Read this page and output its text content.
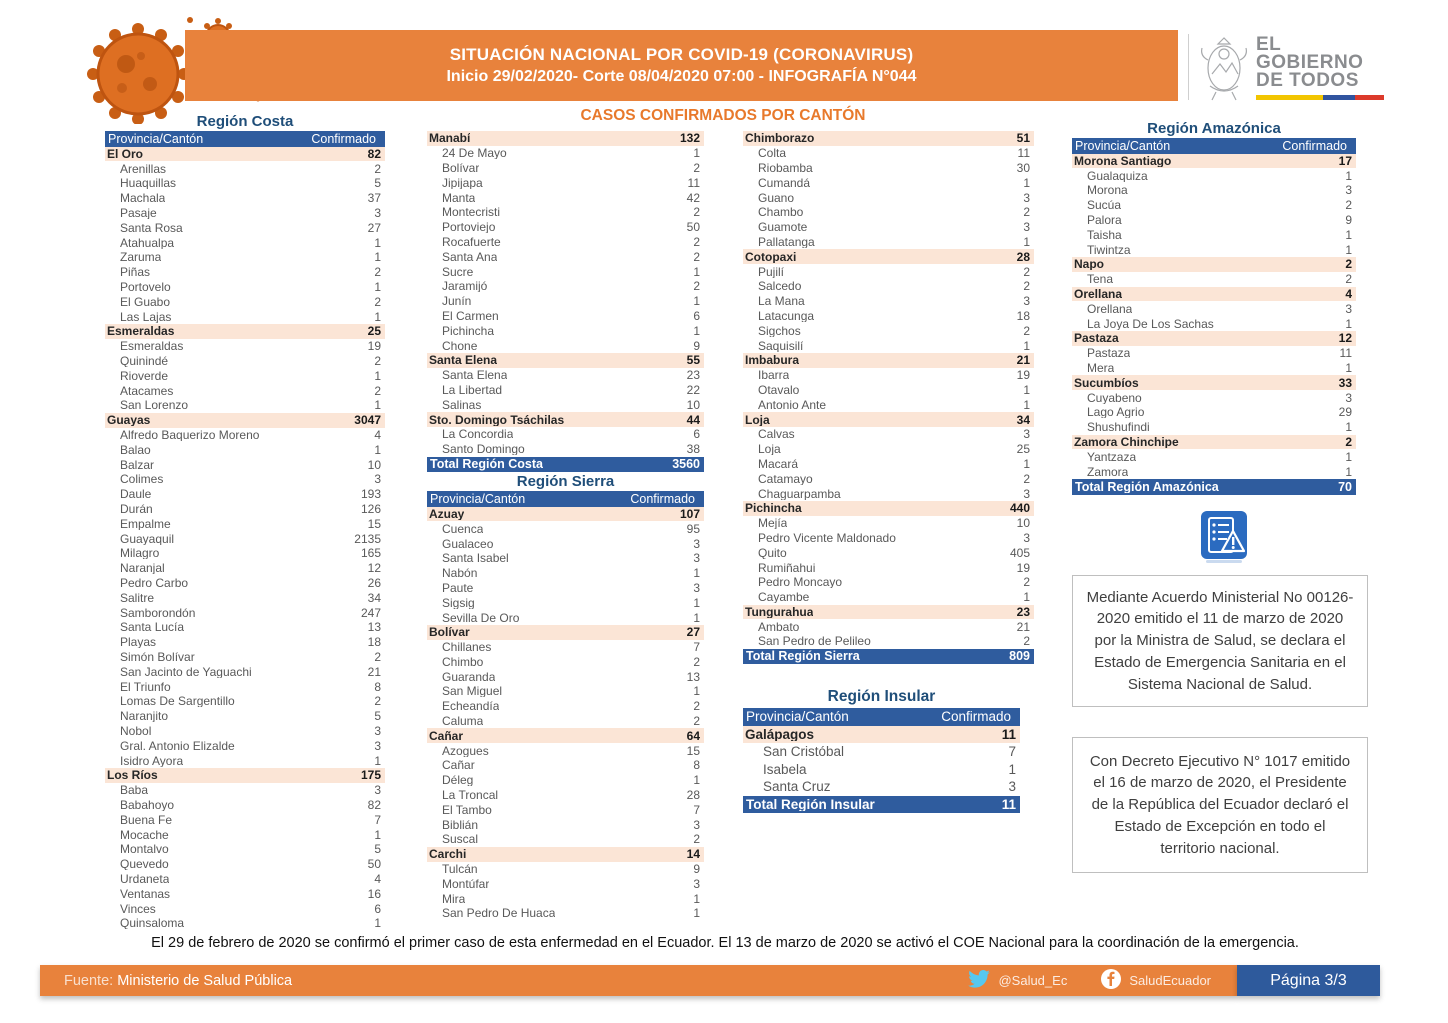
SITUACIÓN NACIONAL POR COVID-19 (CORONAVIRUS)
Inicio 29/02/2020- Corte 08/04/2020 07:00 - INFOGRAFÍA N°044
EL
GOBIERNO
DE TODOS
CASOS CONFIRMADOS POR CANTÓN
Región Costa
Provincia/Cantón	Confirmado
El Oro	82
Arenillas	2
Huaquillas	5
Machala	37
Pasaje	3
Santa Rosa	27
Atahualpa	1
Zaruma	1
Piñas	2
Portovelo	1
El Guabo	2
Las Lajas	1
Esmeraldas	25
Esmeraldas	19
Quinindé	2
Rioverde	1
Atacames	2
San Lorenzo	1
Guayas	3047
Alfredo Baquerizo Moreno	4
Balao	1
Balzar	10
Colimes	3
Daule	193
Durán	126
Empalme	15
Guayaquil	2135
Milagro	165
Naranjal	12
Pedro Carbo	26
Salitre	34
Samborondón	247
Santa Lucía	13
Playas	18
Simón Bolívar	2
San Jacinto de Yaguachi	21
El Triunfo	8
Lomas De Sargentillo	2
Naranjito	5
Nobol	3
Gral. Antonio Elizalde	3
Isidro Ayora	1
Los Ríos	175
Baba	3
Babahoyo	82
Buena Fe	7
Mocache	1
Montalvo	5
Quevedo	50
Urdaneta	4
Ventanas	16
Vinces	6
Quinsaloma	1
Manabí	132
24 De Mayo	1
Bolívar	2
Jipijapa	11
Manta	42
Montecristi	2
Portoviejo	50
Rocafuerte	2
Santa Ana	2
Sucre	1
Jaramijó	2
Junín	1
El Carmen	6
Pichincha	1
Chone	9
Santa Elena	55
Santa Elena	23
La Libertad	22
Salinas	10
Sto. Domingo Tsáchilas	44
La Concordia	6
Santo Domingo	38
Total Región Costa	3560
Región Sierra
Provincia/Cantón	Confirmado
Azuay	107
Cuenca	95
Gualaceo	3
Santa Isabel	3
Nabón	1
Paute	3
Sigsig	1
Sevilla De Oro	1
Bolívar	27
Chillanes	7
Chimbo	2
Guaranda	13
San Miguel	1
Echeandía	2
Caluma	2
Cañar	64
Azogues	15
Cañar	8
Déleg	1
La Troncal	28
El Tambo	7
Biblián	3
Suscal	2
Carchi	14
Tulcán	9
Montúfar	3
Mira	1
San Pedro De Huaca	1
Chimborazo	51
Colta	11
Riobamba	30
Cumandá	1
Guano	3
Chambo	2
Guamote	3
Pallatanga	1
Cotopaxi	28
Pujilí	2
Salcedo	2
La Mana	3
Latacunga	18
Sigchos	2
Saquisilí	1
Imbabura	21
Ibarra	19
Otavalo	1
Antonio Ante	1
Loja	34
Calvas	3
Loja	25
Macará	1
Catamayo	2
Chaguarpamba	3
Pichincha	440
Mejía	10
Pedro Vicente Maldonado	3
Quito	405
Rumiñahui	19
Pedro Moncayo	2
Cayambe	1
Tungurahua	23
Ambato	21
San Pedro de Pelileo	2
Total Región Sierra	809
Región Insular
Provincia/Cantón	Confirmado
Galápagos	11
San Cristóbal	7
Isabela	1
Santa Cruz	3
Total Región Insular	11
Región Amazónica
Provincia/Cantón	Confirmado
Morona Santiago	17
Gualaquiza	1
Morona	3
Sucúa	2
Palora	9
Taisha	1
Tiwintza	1
Napo	2
Tena	2
Orellana	4
Orellana	3
La Joya De Los Sachas	1
Pastaza	12
Pastaza	11
Mera	1
Sucumbíos	33
Cuyabeno	3
Lago Agrio	29
Shushufindi	1
Zamora Chinchipe	2
Yantzaza	1
Zamora	1
Total Región Amazónica	70
Mediante Acuerdo Ministerial No 00126-2020 emitido el 11 de marzo de 2020 por la Ministra de Salud, se declara el Estado de Emergencia Sanitaria en el Sistema Nacional de Salud.
Con Decreto Ejecutivo N° 1017 emitido el 16 de marzo de 2020, el Presidente de la República del Ecuador declaró el Estado de Excepción en todo el territorio nacional.
El 29 de febrero de 2020 se confirmó el primer caso de esta enfermedad en el Ecuador. El 13 de marzo de 2020 se activó el COE Nacional para la coordinación de la emergencia.
Fuente: Ministerio de Salud Pública	@Salud_Ec	SaludEcuador	Página 3/3
